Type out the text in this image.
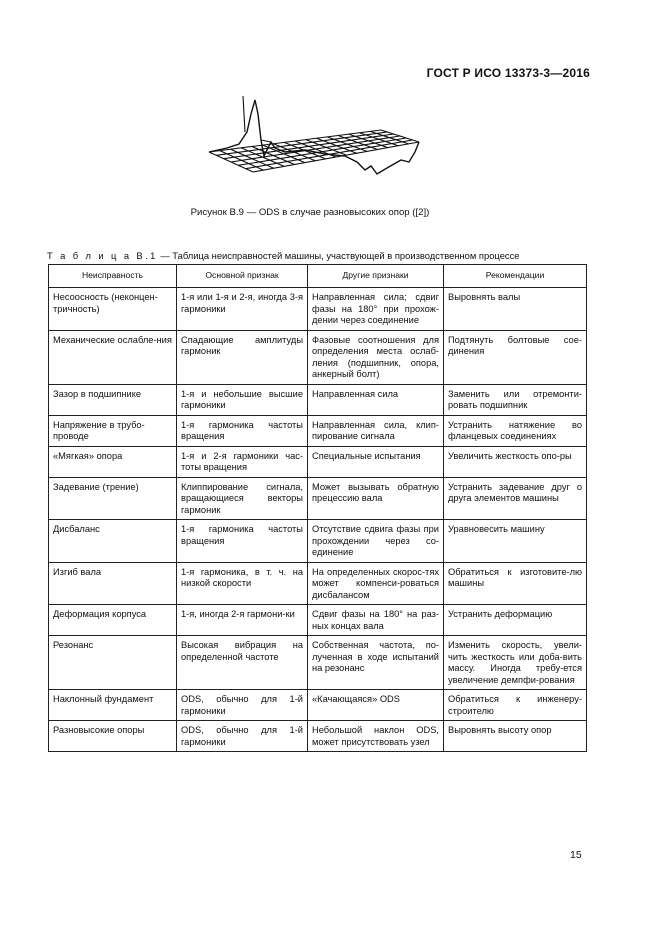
ГОСТ Р ИСО 13373-3—2016
Рисунок В.9 — ODS в случае разновысоких опор ([2])
Т а б л и ц а В.1 — Таблица неисправностей машины, участвующей в производственном процессе
Неисправность	Основной признак	Другие признаки	Рекомендации
Несоосность (неконцен-тричность)	1-я или 1-я и 2-я, иногда 3-я гармоники	Направленная сила; сдвиг фазы на 180° при прохож-дении через соединение	Выровнять валы
Механические ослабле-ния	Спадающие амплитуды гармоник	Фазовые соотношения для определения места ослаб-ления (подшипник, опора, анкерный болт)	Подтянуть болтовые сое-динения
Зазор в подшипнике	1-я и небольшие высшие гармоники	Направленная сила	Заменить или отремонти-ровать подшипник
Напряжение в трубо-проводе	1-я гармоника частоты вращения	Направленная сила, клип-пирование сигнала	Устранить натяжение во фланцевых соединениях
«Мягкая» опора	1-я и 2-я гармоники час-тоты вращения	Специальные испытания	Увеличить жесткость опо-ры
Задевание (трение)	Клиппирование сигнала, вращающиеся векторы гармоник	Может вызывать обратную прецессию вала	Устранить задевание друг о друга элементов машины
Дисбаланс	1-я гармоника частоты вращения	Отсутствие сдвига фазы при прохождении через со-единение	Уравновесить машину
Изгиб вала	1-я гармоника, в т. ч. на низкой скорости	На определенных скорос-тях может компенси-роваться дисбалансом	Обратиться к изготовите-лю машины
Деформация корпуса	1-я, иногда 2-я гармони-ки	Сдвиг фазы на 180° на раз-ных концах вала	Устранить деформацию
Резонанс	Высокая вибрация на определенной частоте	Собственная частота, по-лученная в ходе испытаний на резонанс	Изменить скорость, увели-чить жесткость или доба-вить массу. Иногда требу-ется увеличение демпфи-рования
Наклонный фундамент	ODS, обычно для 1-й гармоники	«Качающаяся» ODS	Обратиться к инженеру-строителю
Разновысокие опоры	ODS, обычно для 1-й гармоники	Небольшой наклон ODS, может присутствовать узел	Выровнять высоту опор
15
